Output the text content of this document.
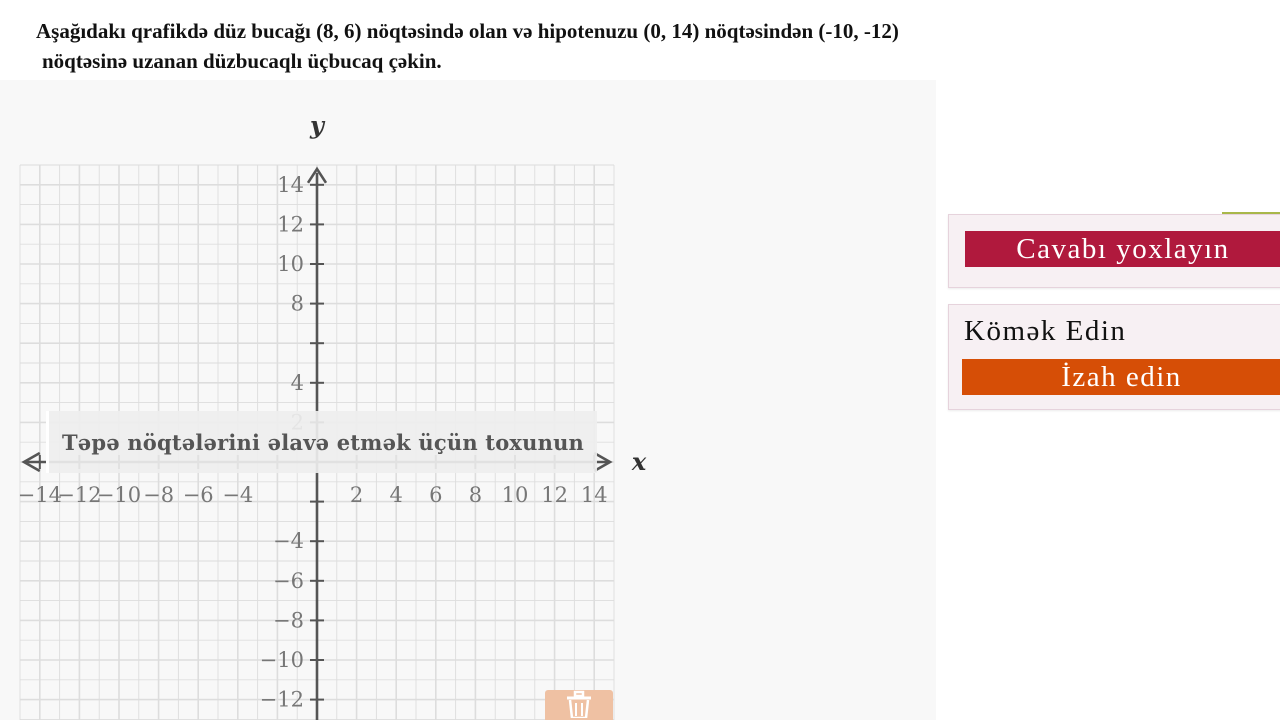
Aşağıdakı qrafikdə düz bucağı (8, 6) nöqtəsində olan və hipotenuzu (0, 14) nöqtəsindən (-10, -12)
nöqtəsinə uzanan düzbucaqlı üçbucaq çəkin.
−14
−12
−10 −8 −6 −4	2 4 6 8 10 12 14
14
12
10
8
4
−4
−6
−8
−10
−12
x
y
Təpə nöqtələrini əlavə etmək üçün toxunun
Cavabı yoxlayın
Kömək Edin
İzah edin
